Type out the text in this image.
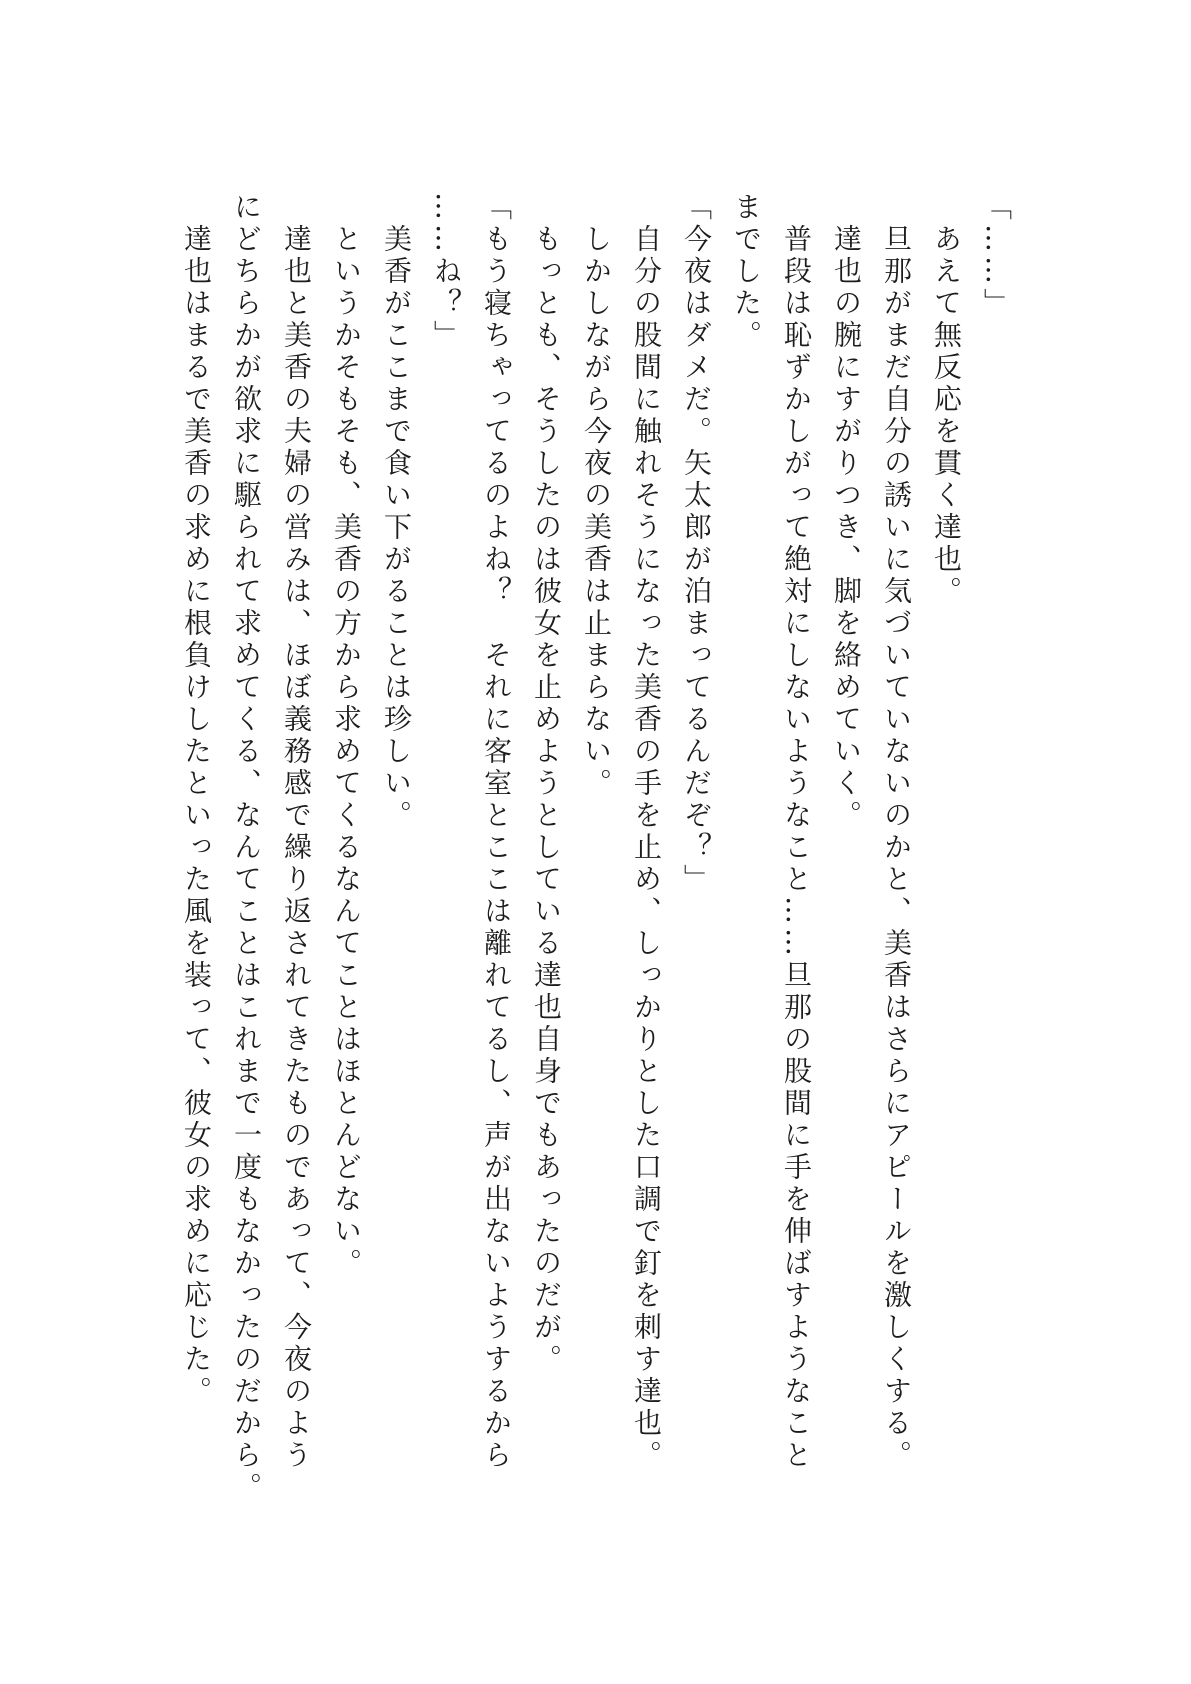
「……」

　あえて無反応を貫く達也。

　旦那がまだ自分の誘いに気づいていないのかと、美香はさらにアピールを激しくする。

　達也の腕にすがりつき、脚を絡めていく。

　普段は恥ずかしがって絶対にしないようなこと……旦那の股間に手を伸ばすようなこと

までした。

「今夜はダメだ。矢太郎が泊まってるんだぞ？」

　自分の股間に触れそうになった美香の手を止め、しっかりとした口調で釘を刺す達也。

　しかしながら今夜の美香は止まらない。

　もっとも、そうしたのは彼女を止めようとしている達也自身でもあったのだが。

「もう寝ちゃってるのよね？　それに客室とここは離れてるし、声が出ないようするから

……ね？」

　美香がここまで食い下がることは珍しい。

　というかそもそも、美香の方から求めてくるなんてことはほとんどない。

　達也と美香の夫婦の営みは、ほぼ義務感で繰り返されてきたものであって、今夜のよう

にどちらかが欲求に駆られて求めてくる、なんてことはこれまで一度もなかったのだから。

　達也はまるで美香の求めに根負けしたといった風を装って、彼女の求めに応じた。
